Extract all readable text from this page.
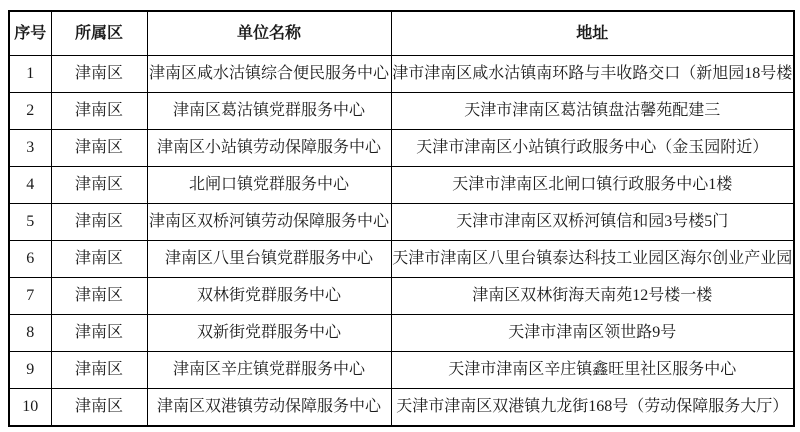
序号	所属区	单位名称	地址
1	津南区	津南区咸水沽镇综合便民服务中心	津市津南区咸水沽镇南环路与丰收路交口（新旭园18号楼
2	津南区	津南区葛沽镇党群服务中心	天津市津南区葛沽镇盘沽馨苑配建三
3	津南区	津南区小站镇劳动保障服务中心	天津市津南区小站镇行政服务中心（金玉园附近）
4	津南区	北闸口镇党群服务中心	天津市津南区北闸口镇行政服务中心1楼
5	津南区	津南区双桥河镇劳动保障服务中心	天津市津南区双桥河镇信和园3号楼5门
6	津南区	津南区八里台镇党群服务中心	天津市津南区八里台镇泰达科技工业园区海尔创业产业园
7	津南区	双林街党群服务中心	津南区双林街海天南苑12号楼一楼
8	津南区	双新街党群服务中心	天津市津南区领世路9号
9	津南区	津南区辛庄镇党群服务中心	天津市津南区辛庄镇鑫旺里社区服务中心
10	津南区	津南区双港镇劳动保障服务中心	天津市津南区双港镇九龙街168号（劳动保障服务大厅）
